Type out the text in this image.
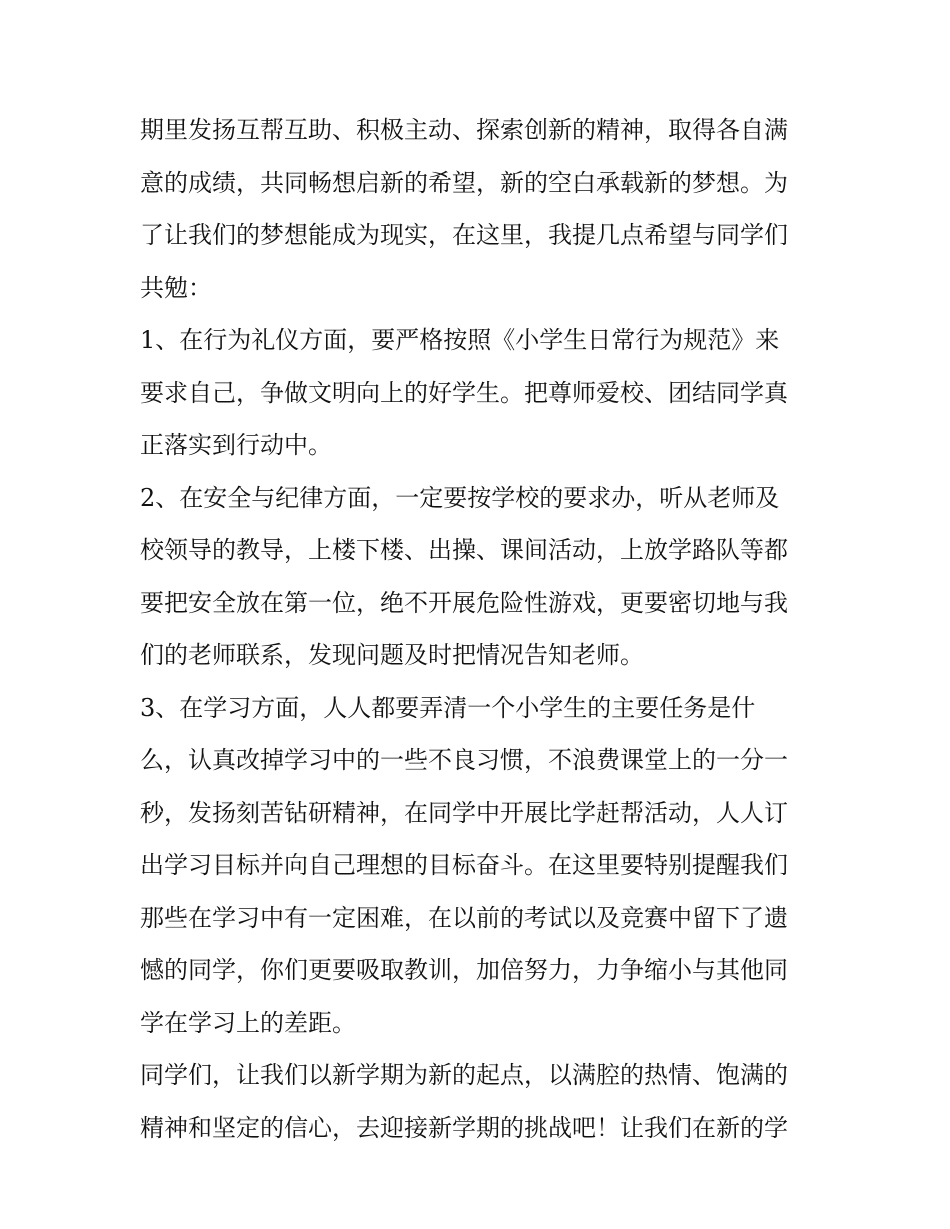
期里发扬互帮互助、积极主动、探索创新的精神，取得各自满
意的成绩，共同畅想启新的希望，新的空白承载新的梦想。为
了让我们的梦想能成为现实，在这里，我提几点希望与同学们
共勉：
1、在行为礼仪方面，要严格按照《小学生日常行为规范》来
要求自己，争做文明向上的好学生。把尊师爱校、团结同学真
正落实到行动中。
2、在安全与纪律方面，一定要按学校的要求办，听从老师及
校领导的教导，上楼下楼、出操、课间活动，上放学路队等都
要把安全放在第一位，绝不开展危险性游戏，更要密切地与我
们的老师联系，发现问题及时把情况告知老师。
3、在学习方面，人人都要弄清一个小学生的主要任务是什
么，认真改掉学习中的一些不良习惯，不浪费课堂上的一分一
秒，发扬刻苦钻研精神，在同学中开展比学赶帮活动，人人订
出学习目标并向自己理想的目标奋斗。在这里要特别提醒我们
那些在学习中有一定困难，在以前的考试以及竞赛中留下了遗
憾的同学，你们更要吸取教训，加倍努力，力争缩小与其他同
学在学习上的差距。
同学们，让我们以新学期为新的起点，以满腔的热情、饱满的
精神和坚定的信心，去迎接新学期的挑战吧！让我们在新的学
